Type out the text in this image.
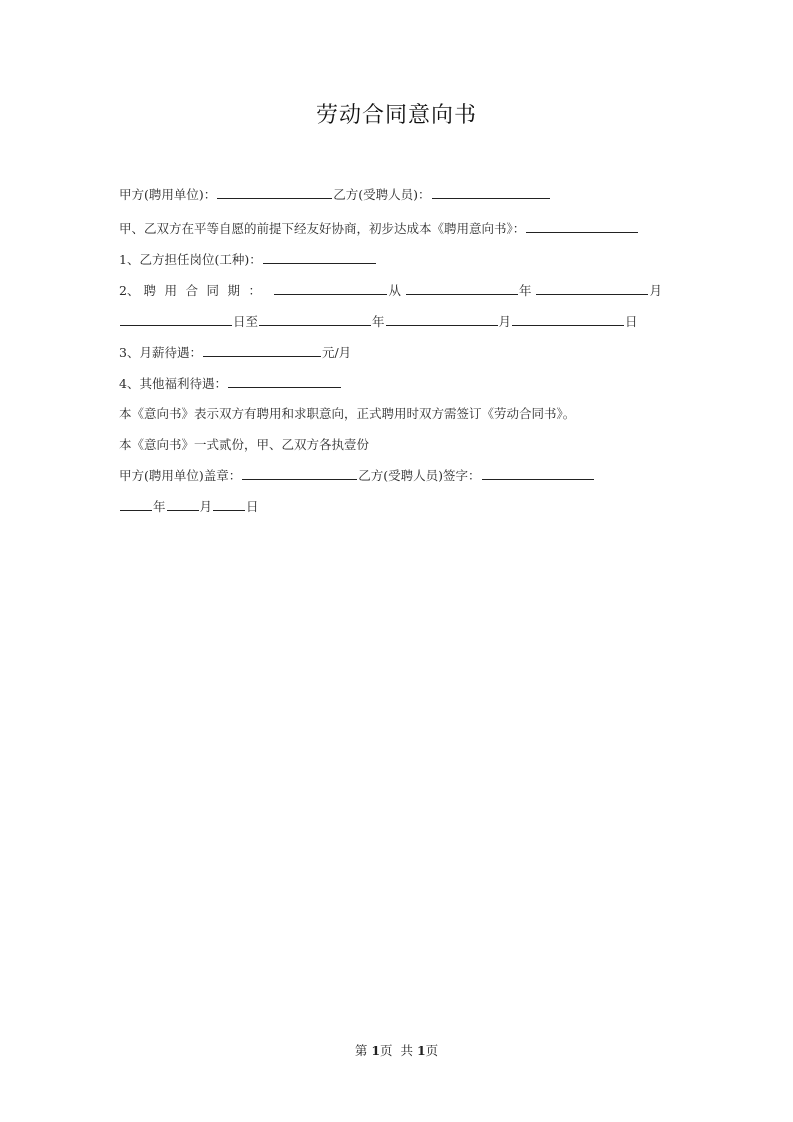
劳动合同意向书
甲方(聘用单位)：	乙方(受聘人员)：
甲、乙双方在平等自愿的前提下经友好协商，初步达成本《聘用意向书》：
1、乙方担任岗位(工种)：
2、 聘用合同期：	从	年	月
日至	年	月	日
3、月薪待遇：	元/月
4、其他福利待遇：
本《意向书》表示双方有聘用和求职意向，正式聘用时双方需签订《劳动合同书》。
本《意向书》一式贰份，甲、乙双方各执壹份
甲方(聘用单位)盖章：	乙方(受聘人员)签字：
年	月	日
第 1页  共 1页
